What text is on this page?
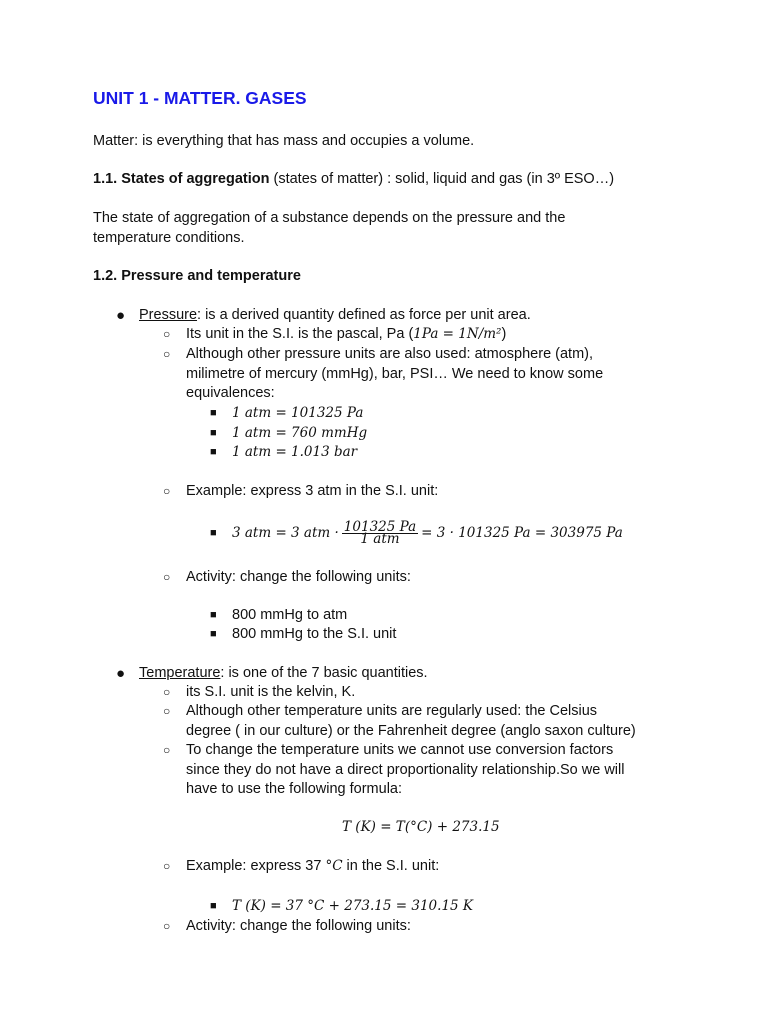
UNIT 1 - MATTER. GASES
Matter: is everything that has mass and occupies a volume.
1.1. States of aggregation (states of matter) : solid, liquid and gas (in 3º ESO…)
The state of aggregation of a substance depends on the pressure and the
temperature conditions.
1.2. Pressure and temperature
● Pressure: is a derived quantity defined as force per unit area.
○ Its unit in the S.I. is the pascal, Pa (1Pa = 1N/m²)
○ Although other pressure units are also used: atmosphere (atm),
milimetre of mercury (mmHg), bar, PSI… We need to know some
equivalences:
■ 1 atm = 101325 Pa
■ 1 atm = 760 mmHg
■ 1 atm = 1.013 bar
○ Example: express 3 atm in the S.I. unit:
■ 3 atm = 3 atm · $\frac{101325 Pa}{\text{1 atm}} = 3 \cdot 101325$ Pa = 303975 Pa
○ Activity: change the following units:
■ 800 mmHg to atm
■ 800 mmHg to the S.I. unit
● Temperature: is one of the 7 basic quantities.
○ its S.I. unit is the kelvin, K.
○ Although other temperature units are regularly used: the Celsius
degree ( in our culture) or the Fahrenheit degree (anglo saxon culture)
○ To change the temperature units we cannot use conversion factors
since they do not have a direct proportionality relationship.So we will
have to use the following formula:
T (K) = T(°C) + 273.15
○ Example: express 37 °C in the S.I. unit:
■ T (K) = 37 °C + 273.15 = 310.15 K
○ Activity: change the following units:
